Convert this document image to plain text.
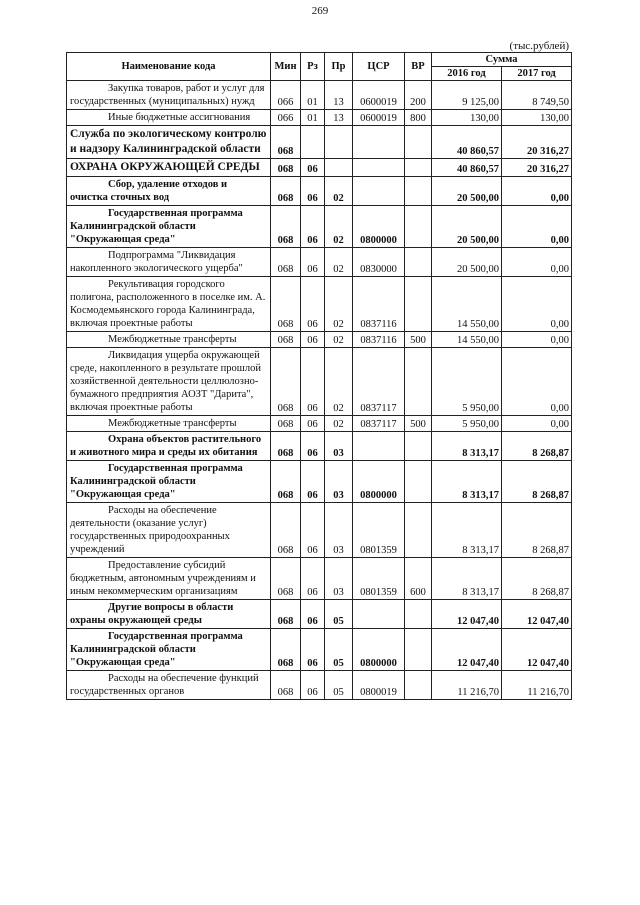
269
(тыс.рублей)
Наименование кода	Мин	Рз	Пр	ЦСР	ВР	Сумма	
						2016 год	2017 год
Закупка товаров, работ и услуг для государственных (муниципальных) нужд	066	01	13	0600019	200	9 125,00	8 749,50
Иные бюджетные ассигнования	066	01	13	0600019	800	130,00	130,00
Служба по экологическому контролю и надзору Калининградской области	068					40 860,57	20 316,27
ОХРАНА ОКРУЖАЮЩЕЙ СРЕДЫ	068	06				40 860,57	20 316,27
Сбор, удаление отходов и очистка сточных вод	068	06	02			20 500,00	0,00
Государственная программа Калининградской области "Окружающая среда"	068	06	02	0800000		20 500,00	0,00
Подпрограмма "Ликвидация накопленного экологического ущерба"	068	06	02	0830000		20 500,00	0,00
Рекультивация городского полигона, расположенного в поселке им. А. Космодемьянского города Калининграда, включая проектные работы	068	06	02	0837116		14 550,00	0,00
Межбюджетные трансферты	068	06	02	0837116	500	14 550,00	0,00
Ликвидация ущерба окружающей среде, накопленного в результате прошлой хозяйственной деятельности целлюлозно-бумажного предприятия АОЗТ "Дарита", включая проектные работы	068	06	02	0837117		5 950,00	0,00
Межбюджетные трансферты	068	06	02	0837117	500	5 950,00	0,00
Охрана объектов растительного и животного мира и среды их обитания	068	06	03			8 313,17	8 268,87
Государственная программа Калининградской области "Окружающая среда"	068	06	03	0800000		8 313,17	8 268,87
Расходы на обеспечение деятельности (оказание услуг) государственных природоохранных учреждений	068	06	03	0801359		8 313,17	8 268,87
Предоставление субсидий бюджетным, автономным учреждениям и иным некоммерческим организациям	068	06	03	0801359	600	8 313,17	8 268,87
Другие вопросы в области охраны окружающей среды	068	06	05			12 047,40	12 047,40
Государственная программа Калининградской области "Окружающая среда"	068	06	05	0800000		12 047,40	12 047,40
Расходы на обеспечение функций государственных органов	068	06	05	0800019		11 216,70	11 216,70
